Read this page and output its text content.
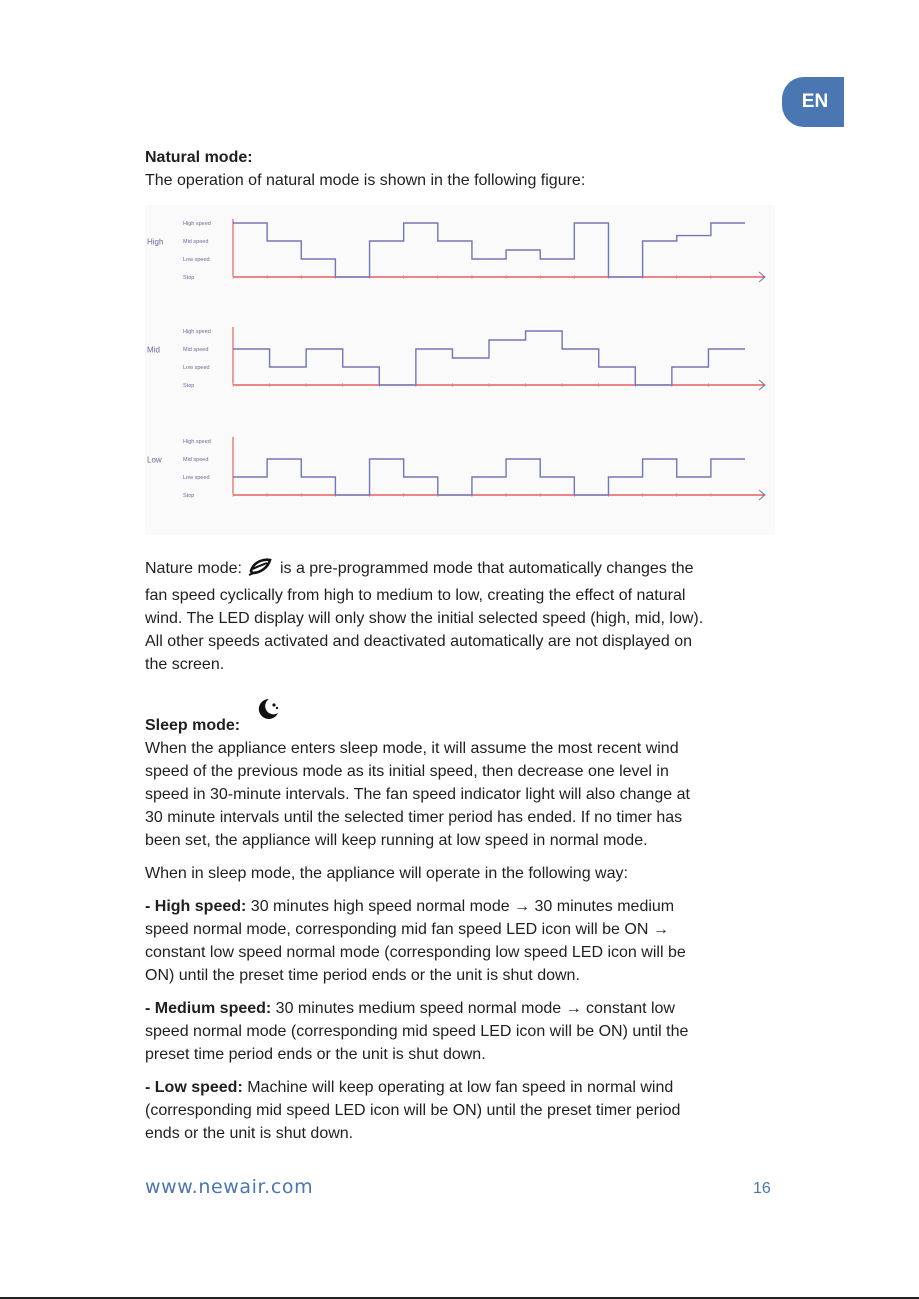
EN

Natural mode:

The operation of natural mode is shown in the following figure:

High
High speed
Mid speed
Low speed
Stop
Mid
High speed
Mid speed
Low speed
Stop
Low
High speed
Mid speed
Low speed
Stop

Nature mode: is a pre-programmed mode that automatically changes the

fan speed cyclically from high to medium to low, creating the effect of natural

wind. The LED display will only show the initial selected speed (high, mid, low).

All other speeds activated and deactivated automatically are not displayed on

the screen.

Sleep mode:

When the appliance enters sleep mode, it will assume the most recent wind

speed of the previous mode as its initial speed, then decrease one level in

speed in 30-minute intervals. The fan speed indicator light will also change at

30 minute intervals until the selected timer period has ended. If no timer has

been set, the appliance will keep running at low speed in normal mode.

When in sleep mode, the appliance will operate in the following way:

- High speed: 30 minutes high speed normal mode → 30 minutes medium

speed normal mode, corresponding mid fan speed LED icon will be ON →

constant low speed normal mode (corresponding low speed LED icon will be

ON) until the preset time period ends or the unit is shut down.

- Medium speed: 30 minutes medium speed normal mode → constant low

speed normal mode (corresponding mid speed LED icon will be ON) until the

preset time period ends or the unit is shut down.

- Low speed: Machine will keep operating at low fan speed in normal wind

(corresponding mid speed LED icon will be ON) until the preset timer period

ends or the unit is shut down.

www.newair.com	16
